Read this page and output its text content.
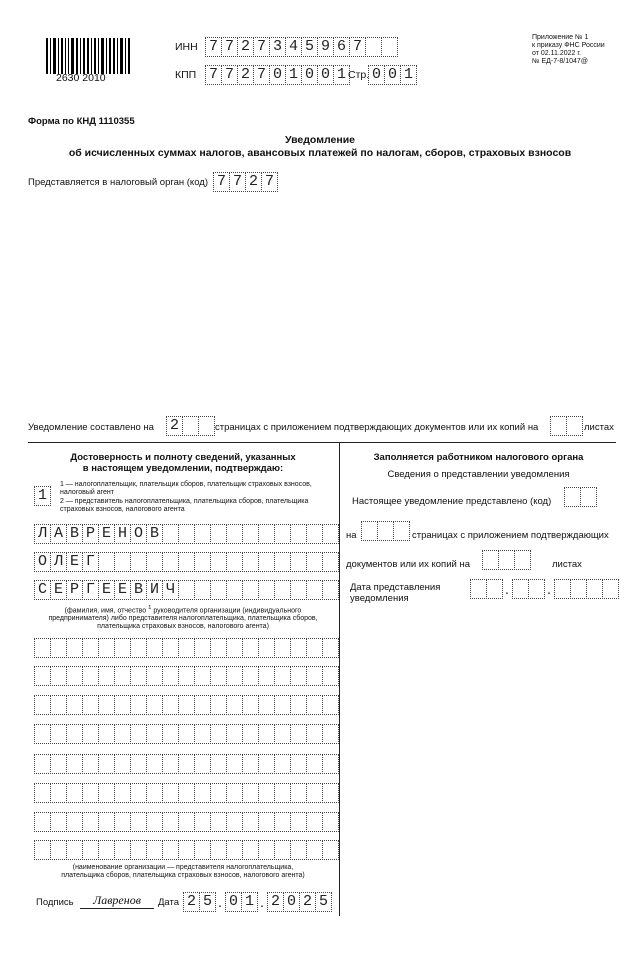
2630 2010
ИНН 7 7 2 7 3 4 5 9 6 7
КПП 7 7 2 7 0 1 0 0 1 Стр. 0 0 1
Приложение № 1
к приказу ФНС России
от 02.11.2022 г.
№ ЕД-7-8/1047@
Форма по КНД 1110355
Уведомление
об исчисленных суммах налогов, авансовых платежей по налогам, сборов, страховых взносов
Представляется в налоговый орган (код) 7 7 2 7
Уведомление составлено на 2	страницах с приложением подтверждающих документов или их копий на	листах
Достоверность и полноту сведений, указанных
в настоящем уведомлении, подтверждаю:
1
1 — налогоплательщик, плательщик сборов, плательщик страховых взносов, налоговый агент
2 — представитель налогоплательщика, плательщика сборов, плательщика страховых взносов, налогового агента
Л А В Р Е Н О В
О Л Е Г
С Е Р Г Е Е В И Ч
(фамилия, имя, отчество $^1$ руководителя организации (индивидуального
предпринимателя) либо представителя налогоплательщика, плательщика сборов,
плательщика страховых взносов, налогового агента)
(наименование организации — представителя налогоплательщика,
плательщика сборов, плательщика страховых взносов, налогового агента)
Подпись	Лавренов	Дата 2 5 . 0 1 . 2 0 2 5
Заполняется работником налогового органа
Сведения о представлении уведомления
Настоящее уведомление представлено (код)
на	страницах с приложением подтверждающих
документов или их копий на	листах
Дата представления
уведомления
.	.
